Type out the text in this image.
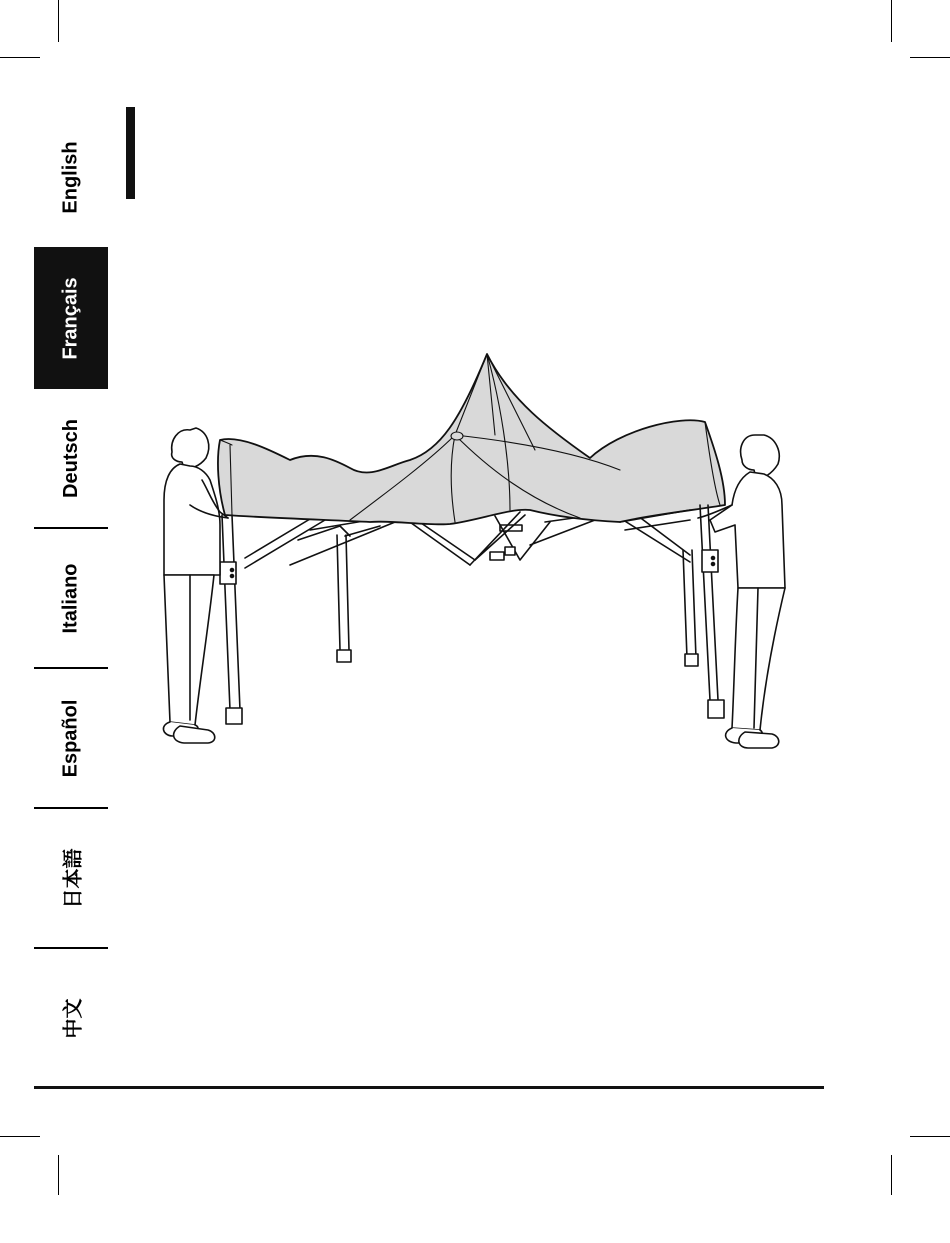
English
Français
Deutsch
Italiano
Español
日本語
中文
